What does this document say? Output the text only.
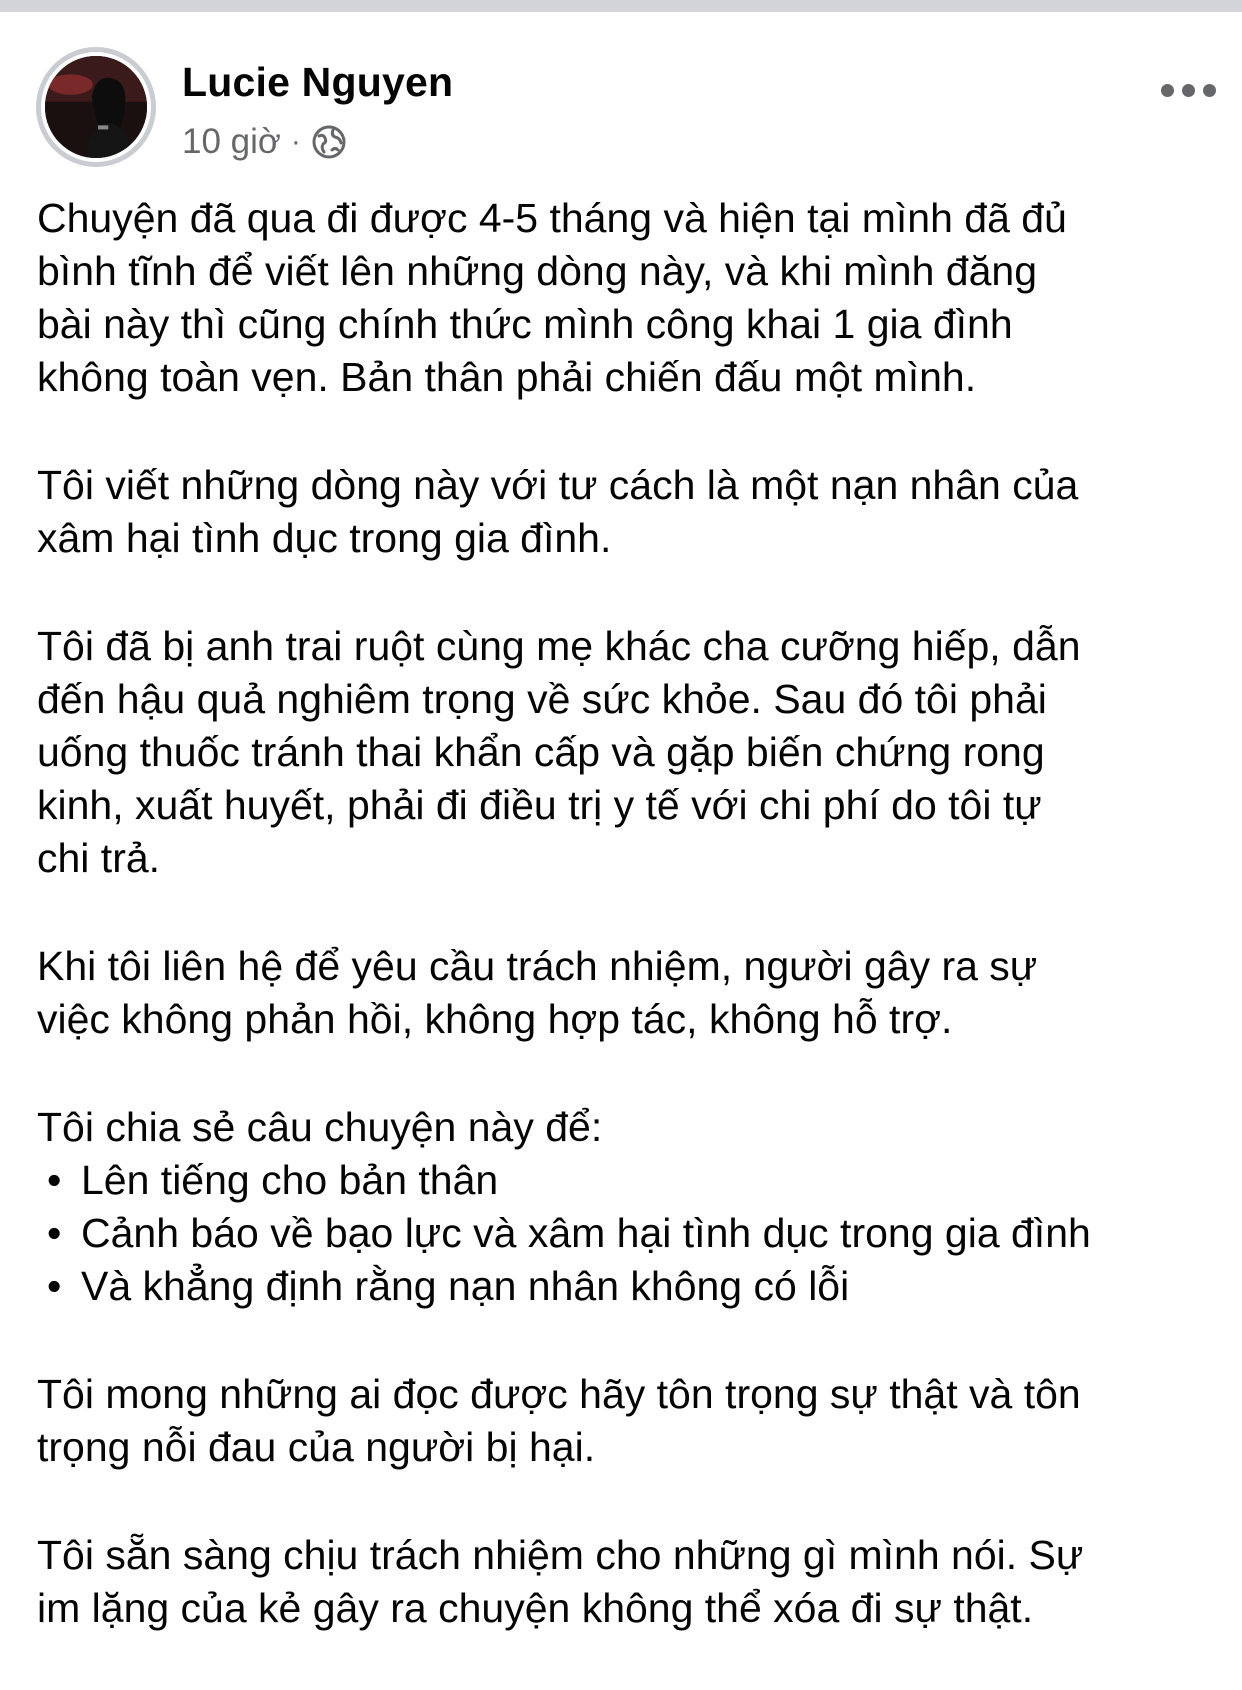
Lucie Nguyen
10 giờ ·
Chuyện đã qua đi được 4-5 tháng và hiện tại mình đã đủ
bình tĩnh để viết lên những dòng này, và khi mình đăng
bài này thì cũng chính thức mình công khai 1 gia đình
không toàn vẹn. Bản thân phải chiến đấu một mình.
Tôi viết những dòng này với tư cách là một nạn nhân của
xâm hại tình dục trong gia đình.
Tôi đã bị anh trai ruột cùng mẹ khác cha cưỡng hiếp, dẫn
đến hậu quả nghiêm trọng về sức khỏe. Sau đó tôi phải
uống thuốc tránh thai khẩn cấp và gặp biến chứng rong
kinh, xuất huyết, phải đi điều trị y tế với chi phí do tôi tự
chi trả.
Khi tôi liên hệ để yêu cầu trách nhiệm, người gây ra sự
việc không phản hồi, không hợp tác, không hỗ trợ.
Tôi chia sẻ câu chuyện này để:
• Lên tiếng cho bản thân
• Cảnh báo về bạo lực và xâm hại tình dục trong gia đình
• Và khẳng định rằng nạn nhân không có lỗi
Tôi mong những ai đọc được hãy tôn trọng sự thật và tôn
trọng nỗi đau của người bị hại.
Tôi sẵn sàng chịu trách nhiệm cho những gì mình nói. Sự
im lặng của kẻ gây ra chuyện không thể xóa đi sự thật.
